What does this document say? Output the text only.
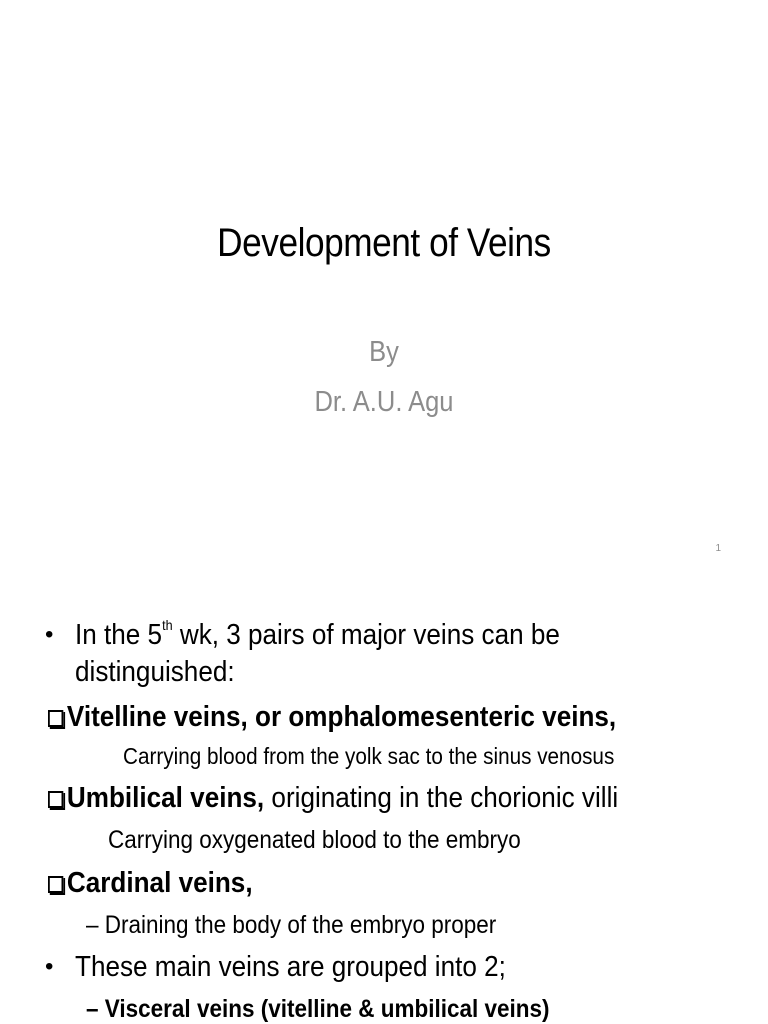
Development of Veins
By
Dr. A.U. Agu
1
• In the 5th wk, 3 pairs of major veins can be
distinguished:
Vitelline veins, or omphalomesenteric veins,
Carrying blood from the yolk sac to the sinus venosus
Umbilical veins, originating in the chorionic villi
Carrying oxygenated blood to the embryo
Cardinal veins,
– Draining the body of the embryo proper
• These main veins are grouped into 2;
– Visceral veins (vitelline & umbilical veins)
